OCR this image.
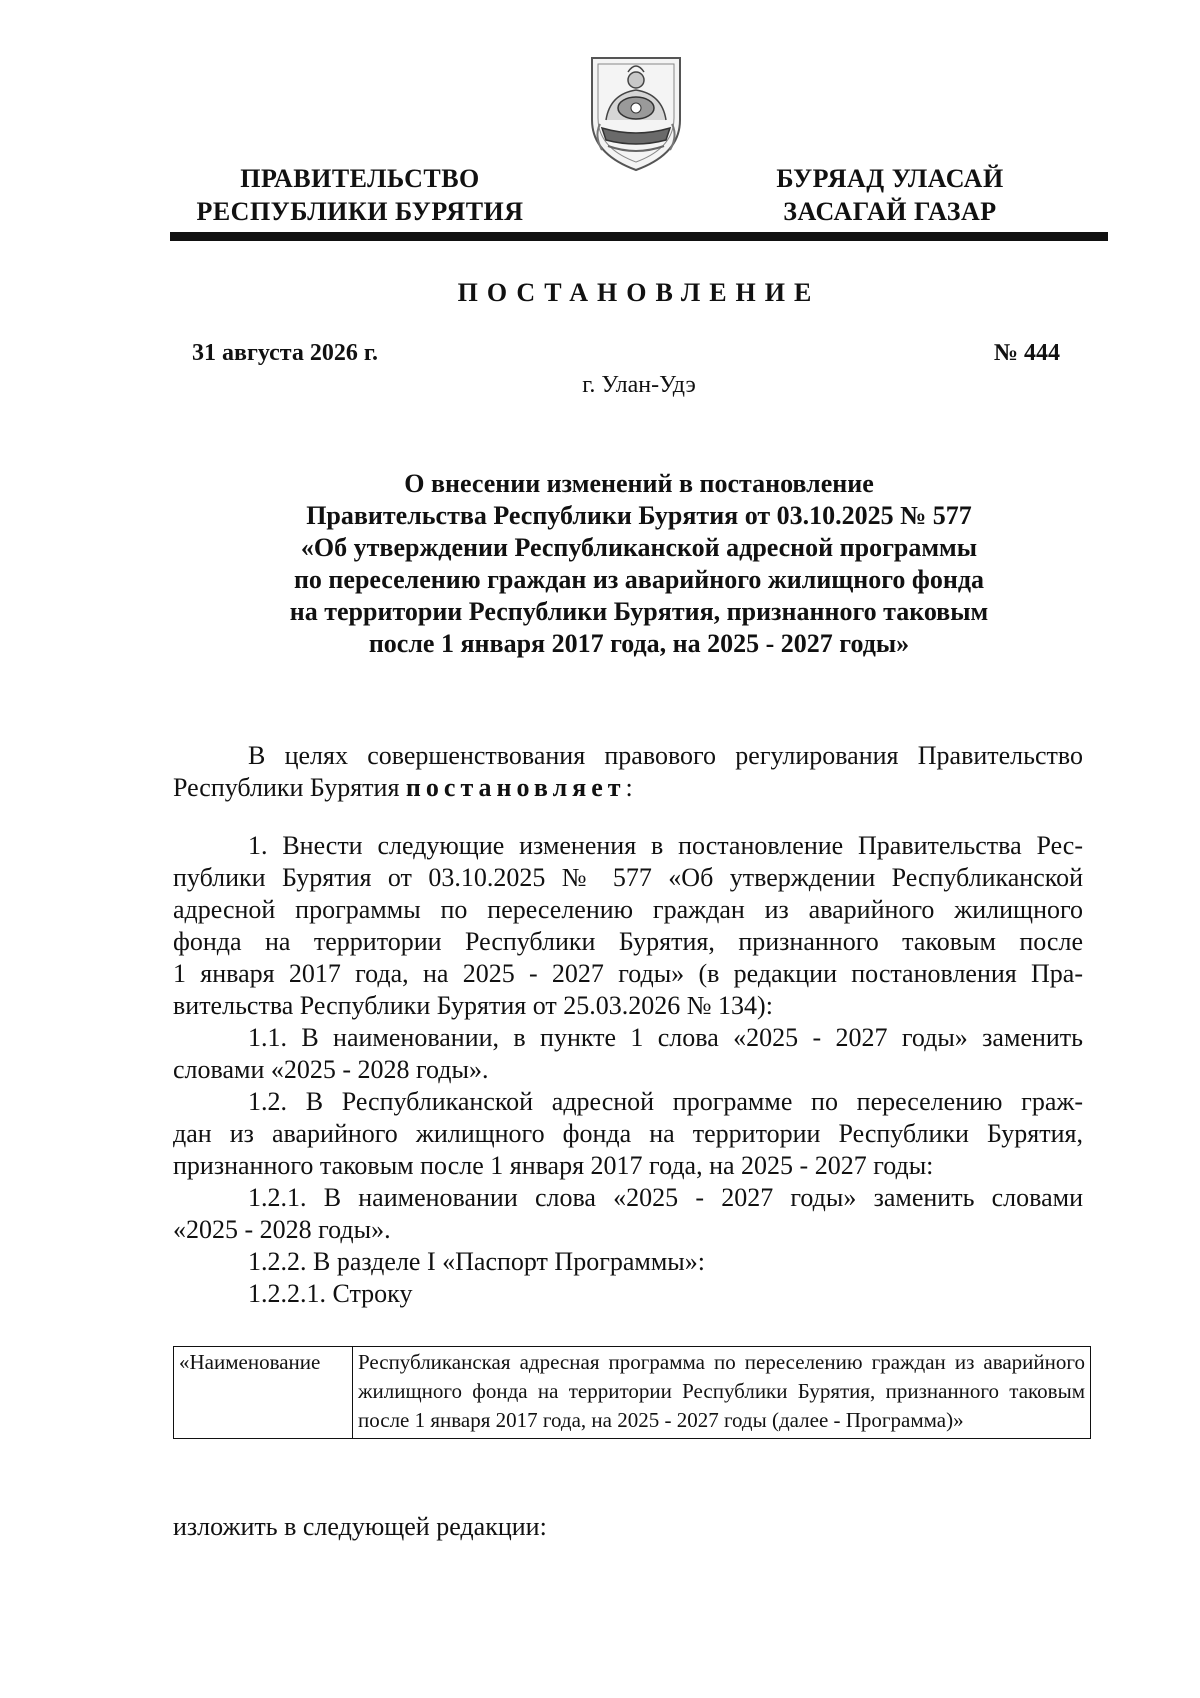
ПРАВИТЕЛЬСТВО
РЕСПУБЛИКИ БУРЯТИЯ
БУРЯАД УЛАСАЙ
ЗАСАГАЙ ГАЗАР
ПОСТАНОВЛЕНИЕ
31 августа 2026 г.	№ 444
г. Улан-Удэ
О внесении изменений в постановление
Правительства Республики Бурятия от 03.10.2025 № 577
«Об утверждении Республиканской адресной программы
по переселению граждан из аварийного жилищного фонда
на территории Республики Бурятия, признанного таковым
после 1 января 2017 года, на 2025 - 2027 годы»

В целях совершенствования правового регулирования Правительство

Республики Бурятия постановляет:

1. Внести следующие изменения в постановление Правительства Рес-

публики Бурятия от 03.10.2025 № 577 «Об утверждении Республиканской

адресной программы по переселению граждан из аварийного жилищного

фонда на территории Республики Бурятия, признанного таковым после

1 января 2017 года, на 2025 - 2027 годы» (в редакции постановления Пра-

вительства Республики Бурятия от 25.03.2026 № 134):

1.1. В наименовании, в пункте 1 слова «2025 - 2027 годы» заменить

словами «2025 - 2028 годы».

1.2. В Республиканской адресной программе по переселению граж-

дан из аварийного жилищного фонда на территории Республики Бурятия,

признанного таковым после 1 января 2017 года, на 2025 - 2027 годы:

1.2.1. В наименовании слова «2025 - 2027 годы» заменить словами

«2025 - 2028 годы».

1.2.2. В разделе I «Паспорт Программы»:

1.2.2.1. Строку

«Наименование	Республиканская адресная программа по переселению граждан из аварийного жилищного фонда на территории Республики Бурятия, признанного таковым после 1 января 2017 года, на 2025 - 2027 годы (далее - Программа)»
изложить в следующей редакции:
